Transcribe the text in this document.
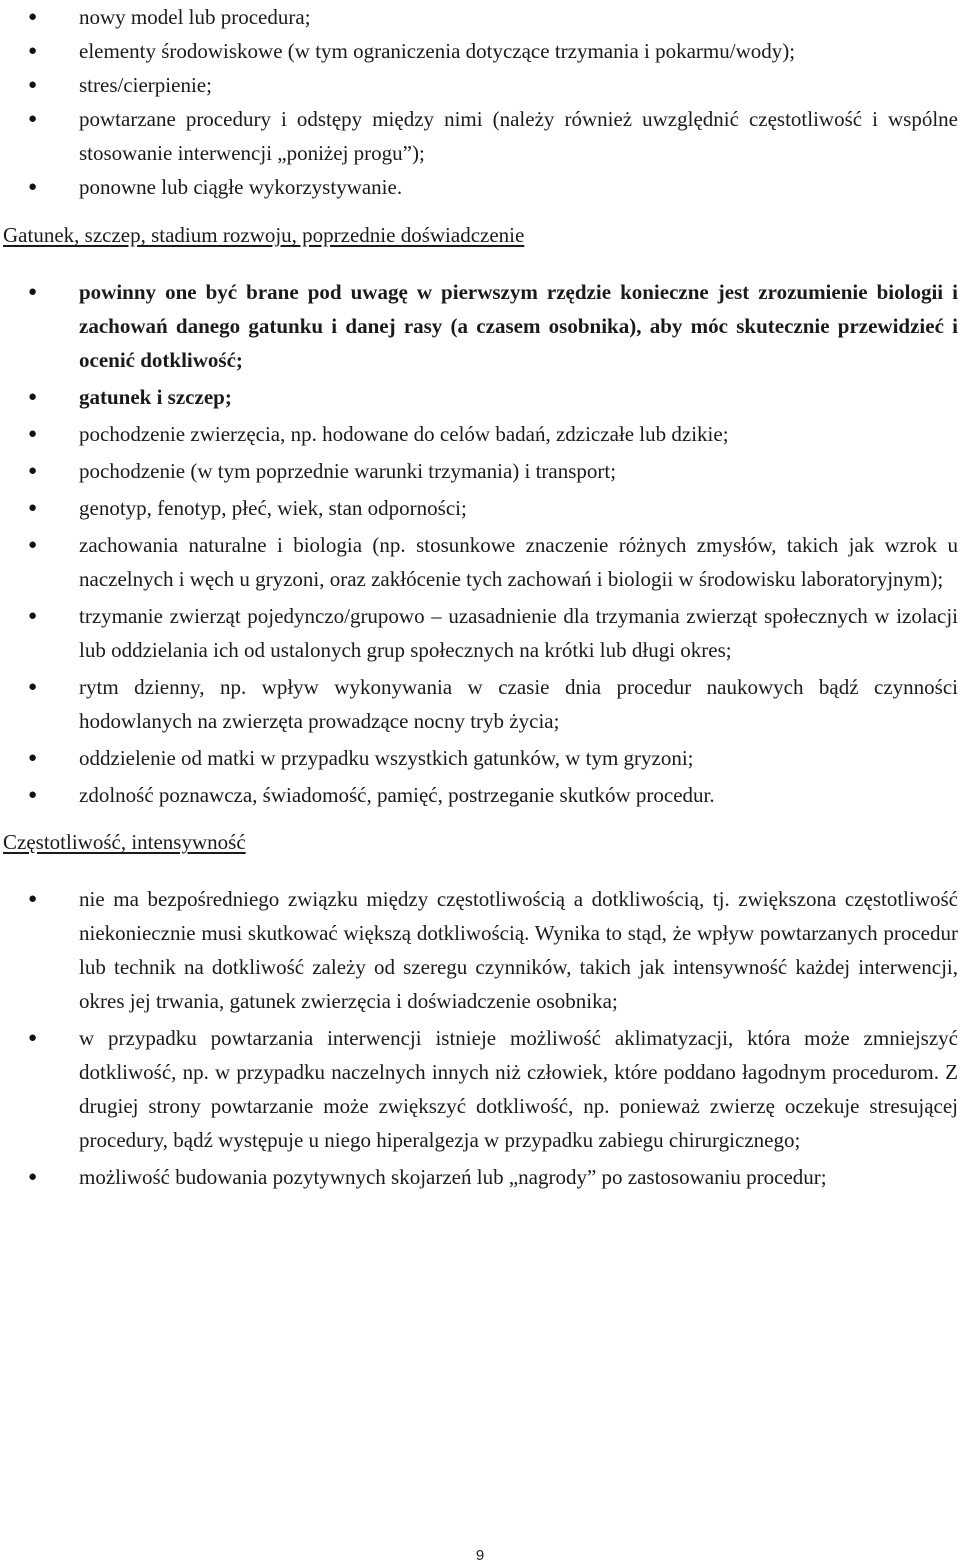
●	nowy model lub procedura;
●	elementy środowiskowe (w tym ograniczenia dotyczące trzymania i pokarmu/wody);
●	stres/cierpienie;
●	powtarzane procedury i odstępy między nimi (należy również uwzględnić częstotliwość i wspólne stosowanie interwencji „poniżej progu”);
●	ponowne lub ciągłe wykorzystywanie.
Gatunek, szczep, stadium rozwoju, poprzednie doświadczenie
●	powinny one być brane pod uwagę w pierwszym rzędzie konieczne jest zrozumienie biologii i zachowań danego gatunku i danej rasy (a czasem osobnika), aby móc skutecznie przewidzieć i ocenić dotkliwość;
●	gatunek i szczep;
●	pochodzenie zwierzęcia, np. hodowane do celów badań, zdziczałe lub dzikie;
●	pochodzenie (w tym poprzednie warunki trzymania) i transport;
●	genotyp, fenotyp, płeć, wiek, stan odporności;
●	zachowania naturalne i biologia (np. stosunkowe znaczenie różnych zmysłów, takich jak wzrok u naczelnych i węch u gryzoni, oraz zakłócenie tych zachowań i biologii w środowisku laboratoryjnym);
●	trzymanie zwierząt pojedynczo/grupowo – uzasadnienie dla trzymania zwierząt społecznych w izolacji lub oddzielania ich od ustalonych grup społecznych na krótki lub długi okres;
●	rytm dzienny, np. wpływ wykonywania w czasie dnia procedur naukowych bądź czynności hodowlanych na zwierzęta prowadzące nocny tryb życia;
●	oddzielenie od matki w przypadku wszystkich gatunków, w tym gryzoni;
●	zdolność poznawcza, świadomość, pamięć, postrzeganie skutków procedur.
Częstotliwość, intensywność
●	nie ma bezpośredniego związku między częstotliwością a dotkliwością, tj. zwiększona częstotliwość niekoniecznie musi skutkować większą dotkliwością. Wynika to stąd, że wpływ powtarzanych procedur lub technik na dotkliwość zależy od szeregu czynników, takich jak intensywność każdej interwencji, okres jej trwania, gatunek zwierzęcia i doświadczenie osobnika;
●	w przypadku powtarzania interwencji istnieje możliwość aklimatyzacji, która może zmniejszyć dotkliwość, np. w przypadku naczelnych innych niż człowiek, które poddano łagodnym procedurom. Z drugiej strony powtarzanie może zwiększyć dotkliwość, np. ponieważ zwierzę oczekuje stresującej procedury, bądź występuje u niego hiperalgezja w przypadku zabiegu chirurgicznego;
●	możliwość budowania pozytywnych skojarzeń lub „nagrody” po zastosowaniu procedur;
9
